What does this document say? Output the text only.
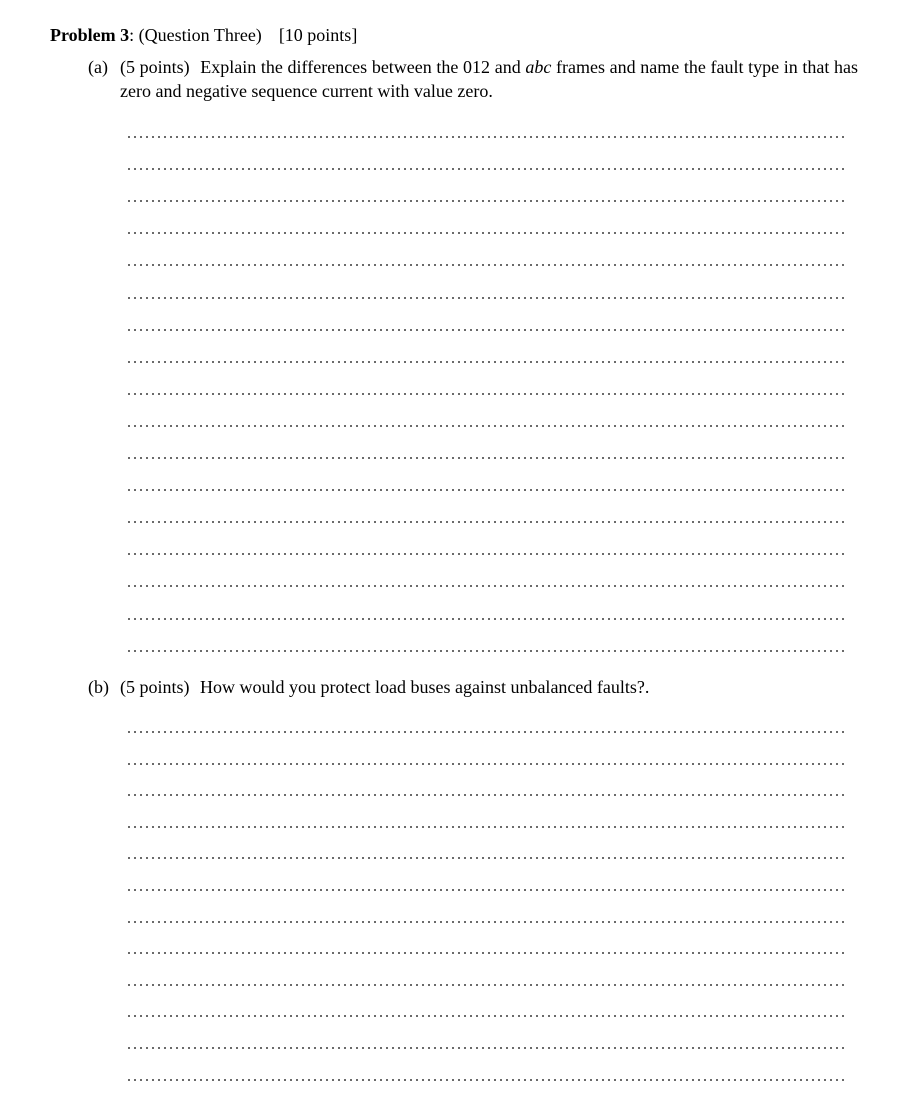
Problem 3: (Question Three) [10 points]
(a) (5 points) Explain the differences between the 012 and abc frames and name the fault type in that has zero and negative sequence current with value zero.
(b) (5 points) How would you protect load buses against unbalanced faults?.
